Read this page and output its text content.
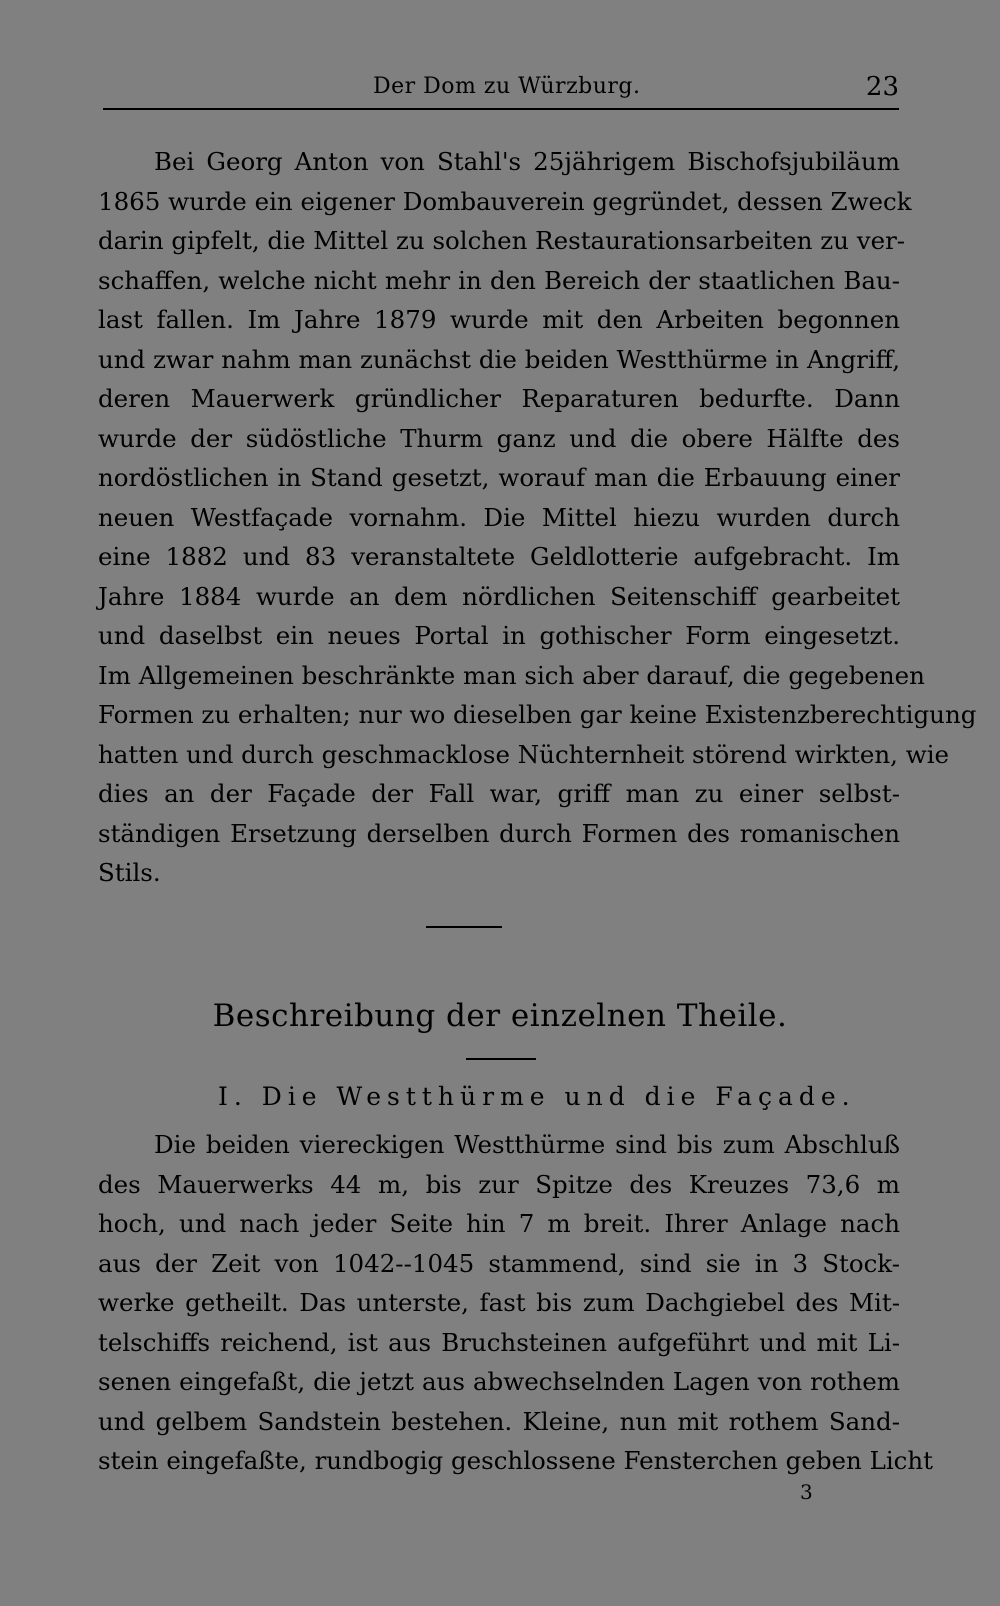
Der Dom zu Würzburg.	23
Bei Georg Anton von Stahl's 25jährigem Bischofsjubiläum
1865 wurde ein eigener Dombauverein gegründet, dessen Zweck
darin gipfelt, die Mittel zu solchen Restaurationsarbeiten zu ver-
schaffen, welche nicht mehr in den Bereich der staatlichen Bau-
last fallen. Im Jahre 1879 wurde mit den Arbeiten begonnen
und zwar nahm man zunächst die beiden Westthürme in Angriff,
deren Mauerwerk gründlicher Reparaturen bedurfte. Dann
wurde der südöstliche Thurm ganz und die obere Hälfte des
nordöstlichen in Stand gesetzt, worauf man die Erbauung einer
neuen Westfaçade vornahm. Die Mittel hiezu wurden durch
eine 1882 und 83 veranstaltete Geldlotterie aufgebracht. Im
Jahre 1884 wurde an dem nördlichen Seitenschiff gearbeitet
und daselbst ein neues Portal in gothischer Form eingesetzt.
Im Allgemeinen beschränkte man sich aber darauf, die gegebenen
Formen zu erhalten; nur wo dieselben gar keine Existenzberechtigung
hatten und durch geschmacklose Nüchternheit störend wirkten, wie
dies an der Façade der Fall war, griff man zu einer selbst-
ständigen Ersetzung derselben durch Formen des romanischen
Stils.
Beschreibung der einzelnen Theile.
I. Die Westthürme und die Façade.
Die beiden viereckigen Westthürme sind bis zum Abschluß
des Mauerwerks 44 m, bis zur Spitze des Kreuzes 73,6 m
hoch, und nach jeder Seite hin 7 m breit. Ihrer Anlage nach
aus der Zeit von 1042--1045 stammend, sind sie in 3 Stock-
werke getheilt. Das unterste, fast bis zum Dachgiebel des Mit-
telschiffs reichend, ist aus Bruchsteinen aufgeführt und mit Li-
senen eingefaßt, die jetzt aus abwechselnden Lagen von rothem
und gelbem Sandstein bestehen. Kleine, nun mit rothem Sand-
stein eingefaßte, rundbogig geschlossene Fensterchen geben Licht
3
